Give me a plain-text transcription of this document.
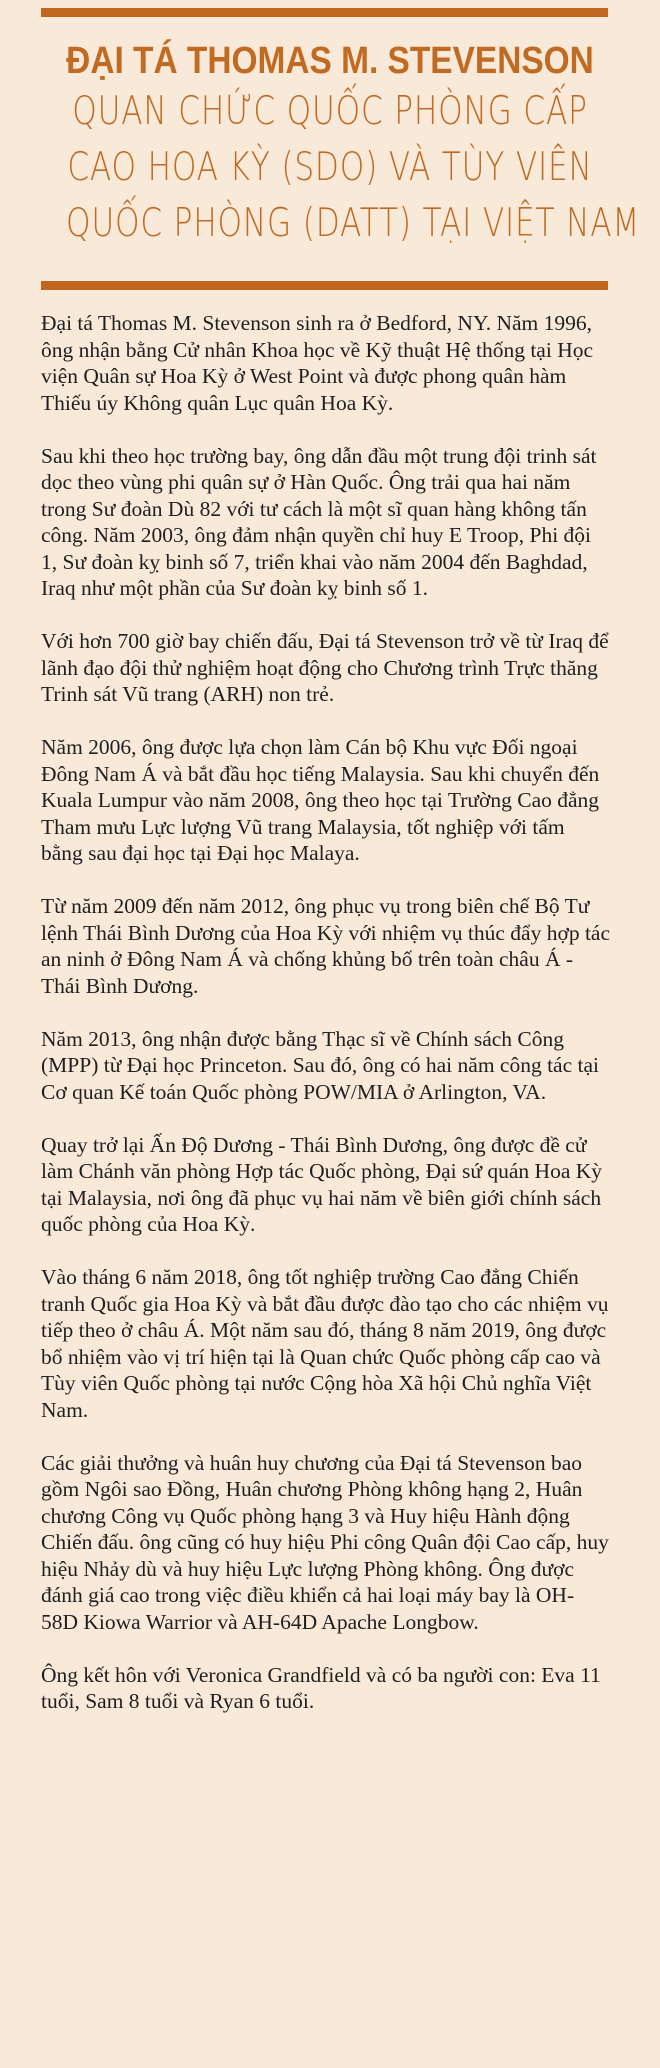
ĐẠI TÁ THOMAS M. STEVENSON
QUAN CHỨC QUỐC PHÒNG CẤP
CAO HOA KỲ (SDO) VÀ TÙY VIÊN
QUỐC PHÒNG (DATT) TẠI VIỆT NAM

Đại tá Thomas M. Stevenson sinh ra ở Bedford, NY. Năm 1996, ông nhận bằng Cử nhân Khoa học về Kỹ thuật Hệ thống tại Học viện Quân sự Hoa Kỳ ở West Point và được phong quân hàm Thiếu úy Không quân Lục quân Hoa Kỳ.

Sau khi theo học trường bay, ông dẫn đầu một trung đội trinh sát dọc theo vùng phi quân sự ở Hàn Quốc. Ông trải qua hai năm trong Sư đoàn Dù 82 với tư cách là một sĩ quan hàng không tấn công. Năm 2003, ông đảm nhận quyền chỉ huy E Troop, Phi đội 1, Sư đoàn kỵ binh số 7, triển khai vào năm 2004 đến Baghdad, Iraq như một phần của Sư đoàn kỵ binh số 1.

Với hơn 700 giờ bay chiến đấu, Đại tá Stevenson trở về từ Iraq để lãnh đạo đội thử nghiệm hoạt động cho Chương trình Trực thăng Trinh sát Vũ trang (ARH) non trẻ.

Năm 2006, ông được lựa chọn làm Cán bộ Khu vực Đối ngoại Đông Nam Á và bắt đầu học tiếng Malaysia. Sau khi chuyển đến Kuala Lumpur vào năm 2008, ông theo học tại Trường Cao đẳng Tham mưu Lực lượng Vũ trang Malaysia, tốt nghiệp với tấm bằng sau đại học tại Đại học Malaya.

Từ năm 2009 đến năm 2012, ông phục vụ trong biên chế Bộ Tư lệnh Thái Bình Dương của Hoa Kỳ với nhiệm vụ thúc đẩy hợp tác an ninh ở Đông Nam Á và chống khủng bố trên toàn châu Á - Thái Bình Dương.

Năm 2013, ông nhận được bằng Thạc sĩ về Chính sách Công (MPP) từ Đại học Princeton. Sau đó, ông có hai năm công tác tại Cơ quan Kế toán Quốc phòng POW/MIA ở Arlington, VA.

Quay trở lại Ấn Độ Dương - Thái Bình Dương, ông được đề cử làm Chánh văn phòng Hợp tác Quốc phòng, Đại sứ quán Hoa Kỳ tại Malaysia, nơi ông đã phục vụ hai năm về biên giới chính sách quốc phòng của Hoa Kỳ.

Vào tháng 6 năm 2018, ông tốt nghiệp trường Cao đẳng Chiến tranh Quốc gia Hoa Kỳ và bắt đầu được đào tạo cho các nhiệm vụ tiếp theo ở châu Á. Một năm sau đó, tháng 8 năm 2019, ông được bổ nhiệm vào vị trí hiện tại là Quan chức Quốc phòng cấp cao và Tùy viên Quốc phòng tại nước Cộng hòa Xã hội Chủ nghĩa Việt Nam.

Các giải thưởng và huân huy chương của Đại tá Stevenson bao gồm Ngôi sao Đồng, Huân chương Phòng không hạng 2, Huân chương Công vụ Quốc phòng hạng 3 và Huy hiệu Hành động Chiến đấu. ông cũng có huy hiệu Phi công Quân đội Cao cấp, huy hiệu Nhảy dù và huy hiệu Lực lượng Phòng không. Ông được đánh giá cao trong việc điều khiển cả hai loại máy bay là OH-58D Kiowa Warrior và AH-64D Apache Longbow.

Ông kết hôn với Veronica Grandfield và có ba người con: Eva 11 tuổi, Sam 8 tuổi và Ryan 6 tuổi.
